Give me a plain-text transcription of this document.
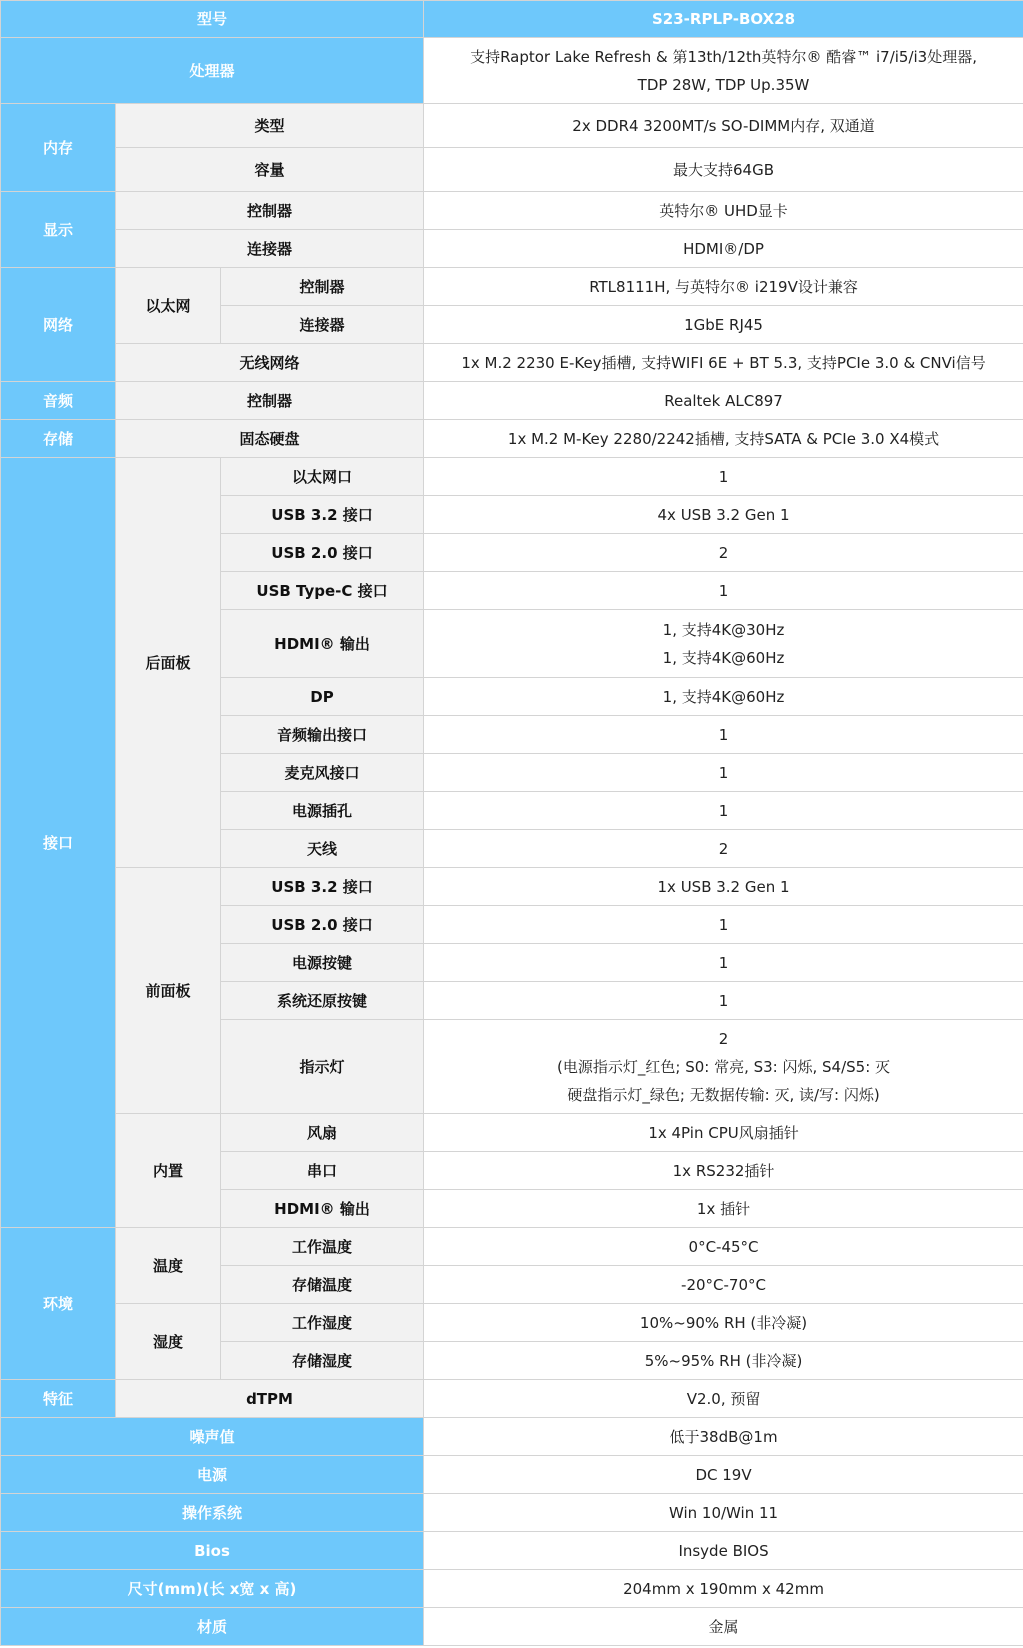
型号			S23-RPLP-BOX28
处理器			支持Raptor Lake Refresh & 第13th/12th英特尔® 酷睿™ i7/i5/i3处理器,
TDP 28W, TDP Up.35W

内存	类型		2x DDR4 3200MT/s SO-DIMM内存, 双通道
	容量		最大支持64GB
显示	控制器		英特尔® UHD显卡
	连接器		HDMI®/DP
网络	以太网	控制器	RTL8111H, 与英特尔® i219V设计兼容
		连接器	1GbE RJ45
	无线网络		1x M.2 2230 E-Key插槽, 支持WIFI 6E + BT 5.3, 支持PCIe 3.0 & CNVi信号
音频	控制器		Realtek ALC897
存储	固态硬盘		1x M.2 M-Key 2280/2242插槽, 支持SATA & PCIe 3.0 X4模式
接口	后面板	以太网口	1
		USB 3.2 接口	4x USB 3.2 Gen 1
		USB 2.0 接口	2
		USB Type-C 接口	1
		HDMI® 输出	1, 支持4K@30Hz
1, 支持4K@60Hz

		DP	1, 支持4K@60Hz
		音频输出接口	1
		麦克风接口	1
		电源插孔	1
		天线	2
	前面板	USB 3.2 接口	1x USB 3.2 Gen 1
		USB 2.0 接口	1
		电源按键	1
		系统还原按键	1
		指示灯	2
(电源指示灯_红色; S0: 常亮, S3: 闪烁, S4/S5: 灭
硬盘指示灯_绿色; 无数据传输: 灭, 读/写: 闪烁)

	内置	风扇	1x 4Pin CPU风扇插针
		串口	1x RS232插针
		HDMI® 输出	1x 插针
环境	温度	工作温度	0°C-45°C
		存储温度	-20°C-70°C
	湿度	工作湿度	10%~90% RH (非冷凝)
		存储湿度	5%~95% RH (非冷凝)
特征	dTPM		V2.0, 预留
噪声值			低于38dB@1m
电源			DC 19V
操作系统			Win 10/Win 11
Bios			Insyde BIOS
尺寸(mm)(长 x宽 x 高)			204mm x 190mm x 42mm
材质			金属
